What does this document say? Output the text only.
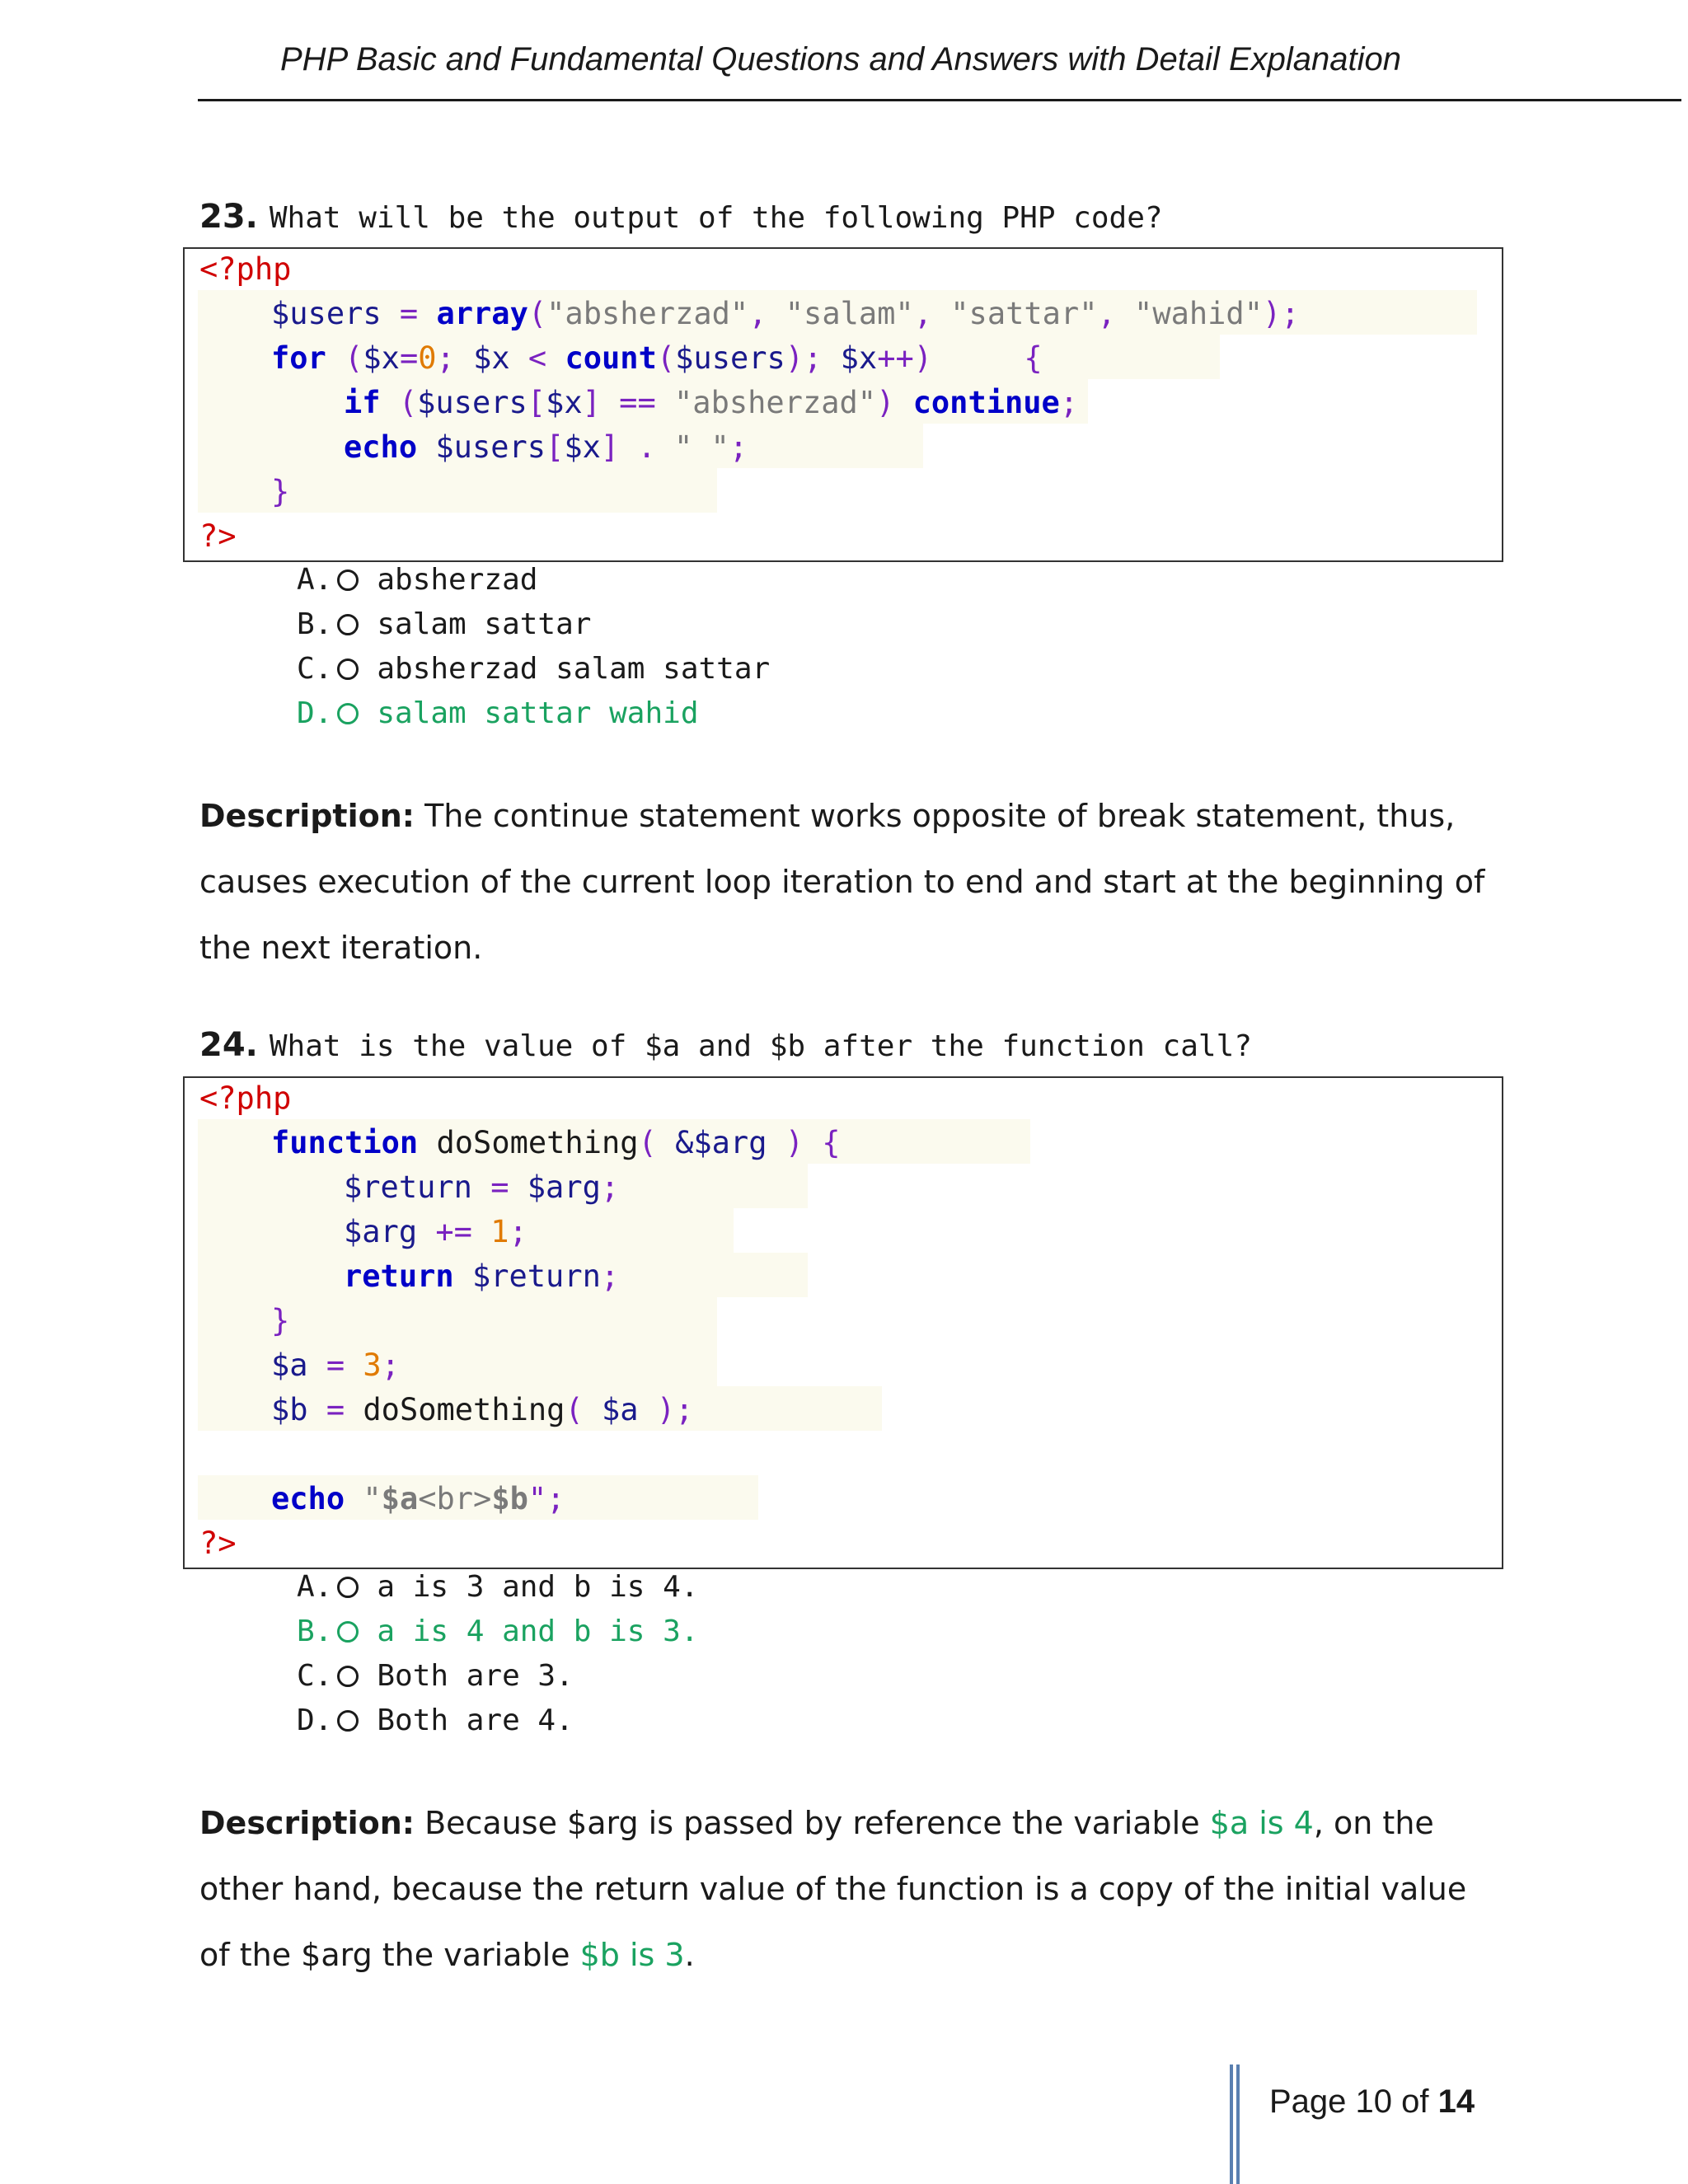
PHP Basic and Fundamental Questions and Answers with Detail Explanation
23. What will be the output of the following PHP code?
<?php
$users = array("absherzad", "salam", "sattar", "wahid");
for ($x=0; $x < count($users); $x++)     {
if ($users[$x] == "absherzad") continue;
echo $users[$x] . " ";
}
?>
A. absherzad
B. salam sattar
C. absherzad salam sattar
D. salam sattar wahid
Description: The continue statement works opposite of break statement, thus, causes execution of the current loop iteration to end and start at the beginning of the next iteration.
24. What is the value of $a and $b after the function call?
<?php
function doSomething( &$arg ) {
$return = $arg;
$arg += 1;
return $return;
}
$a = 3;
$b = doSomething( $a );
echo "$a<br>$b";
?>
A. a is 3 and b is 4.
B. a is 4 and b is 3.
C. Both are 3.
D. Both are 4.
Description: Because $arg is passed by reference the variable $a is 4, on the other hand, because the return value of the function is a copy of the initial value of the $arg the variable $b is 3.
Page 10 of 14
